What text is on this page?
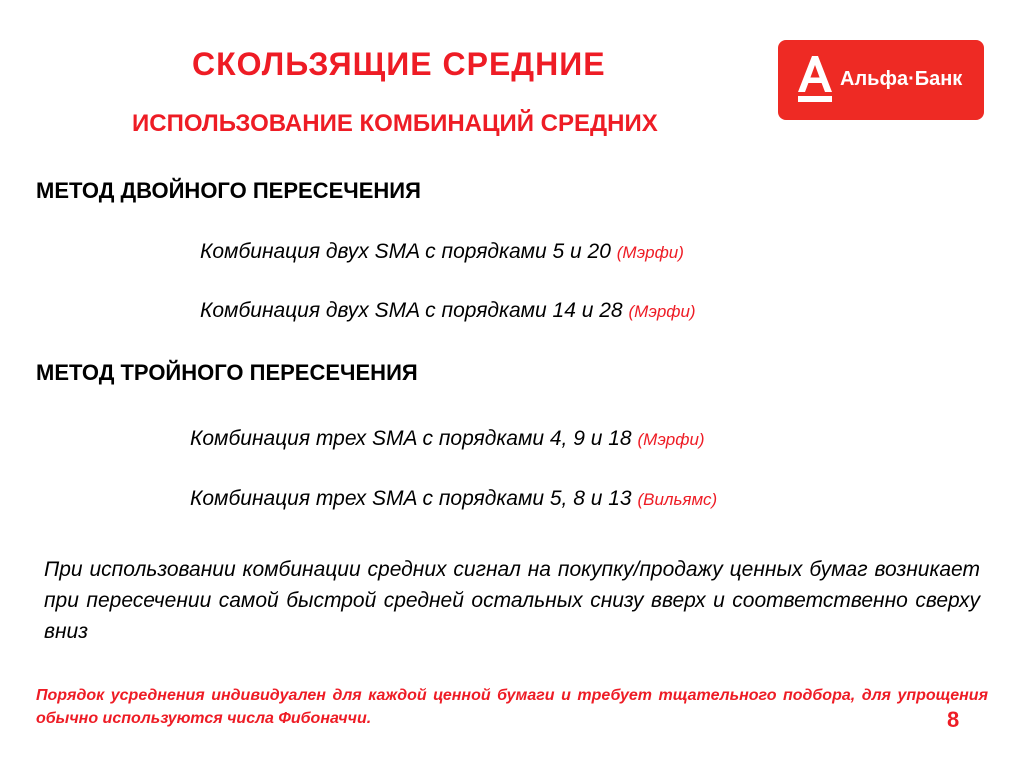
СКОЛЬЗЯЩИЕ СРЕДНИЕ
ИСПОЛЬЗОВАНИЕ КОМБИНАЦИЙ СРЕДНИХ
Альфа·Банк
МЕТОД ДВОЙНОГО ПЕРЕСЕЧЕНИЯ
Комбинация двух SMA с порядками 5 и 20 (Мэрфи)
Комбинация двух SMA с порядками 14 и 28 (Мэрфи)
МЕТОД ТРОЙНОГО ПЕРЕСЕЧЕНИЯ
Комбинация трех SMA с порядками 4, 9 и 18 (Мэрфи)
Комбинация трех SMA с порядками 5, 8 и 13 (Вильямс)
При использовании комбинации средних сигнал на покупку/продажу ценных бумаг возникает при пересечении самой быстрой средней остальных снизу вверх и соответственно сверху вниз
Порядок усреднения индивидуален для каждой ценной бумаги и требует тщательного подбора, для упрощения обычно используются числа Фибоначчи.	8
